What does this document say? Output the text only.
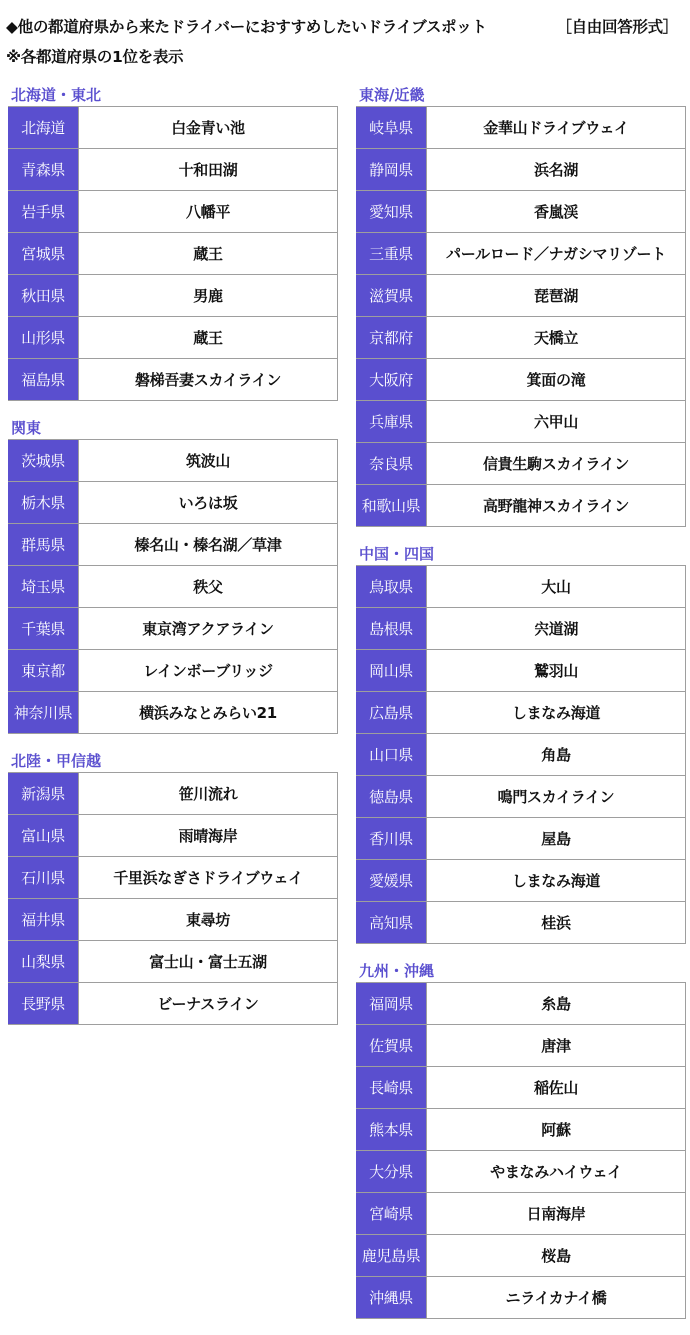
◆他の都道府県から来たドライバーにおすすめしたいドライブスポット	［自由回答形式］
※各都道府県の1位を表示
北海道・東北
北海道	白金青い池
青森県	十和田湖
岩手県	八幡平
宮城県	蔵王
秋田県	男鹿
山形県	蔵王
福島県	磐梯吾妻スカイライン
関東
茨城県	筑波山
栃木県	いろは坂
群馬県	榛名山・榛名湖／草津
埼玉県	秩父
千葉県	東京湾アクアライン
東京都	レインボーブリッジ
神奈川県	横浜みなとみらい21
北陸・甲信越
新潟県	笹川流れ
富山県	雨晴海岸
石川県	千里浜なぎさドライブウェイ
福井県	東尋坊
山梨県	富士山・富士五湖
長野県	ビーナスライン
東海/近畿
岐阜県	金華山ドライブウェイ
静岡県	浜名湖
愛知県	香嵐渓
三重県	パールロード／ナガシマリゾート
滋賀県	琵琶湖
京都府	天橋立
大阪府	箕面の滝
兵庫県	六甲山
奈良県	信貴生駒スカイライン
和歌山県	高野龍神スカイライン
中国・四国
鳥取県	大山
島根県	宍道湖
岡山県	鷲羽山
広島県	しまなみ海道
山口県	角島
徳島県	鳴門スカイライン
香川県	屋島
愛媛県	しまなみ海道
高知県	桂浜
九州・沖縄
福岡県	糸島
佐賀県	唐津
長崎県	稲佐山
熊本県	阿蘇
大分県	やまなみハイウェイ
宮崎県	日南海岸
鹿児島県	桜島
沖縄県	ニライカナイ橋
